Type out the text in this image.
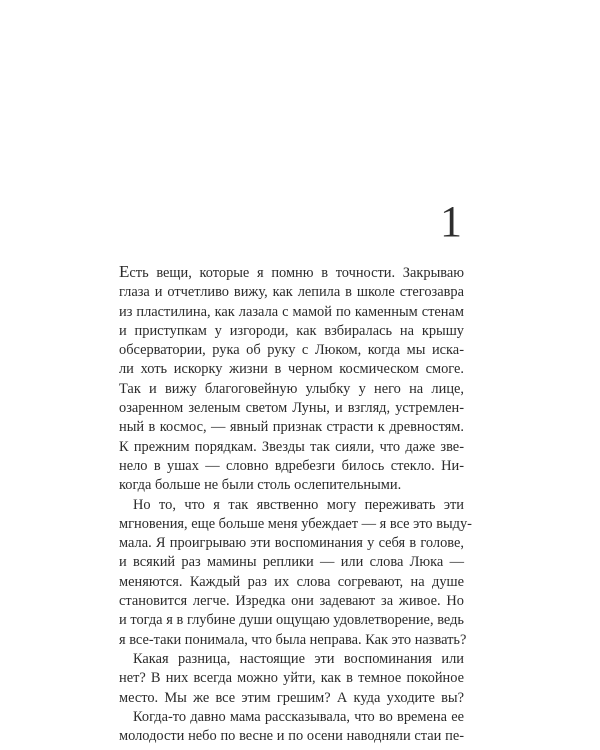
1
Есть вещи, которые я помню в точности. Закрываю
глаза и отчетливо вижу, как лепила в школе стегозавра
из пластилина, как лазала с мамой по каменным стенам
и приступкам у изгороди, как взбиралась на крышу
обсерватории, рука об руку с Люком, когда мы иска-
ли хоть искорку жизни в черном космическом смоге.
Так и вижу благоговейную улыбку у него на лице,
озаренном зеленым светом Луны, и взгляд, устремлен-
ный в космос, — явный признак страсти к древностям.
К прежним порядкам. Звезды так сияли, что даже зве-
нело в ушах — словно вдребезги билось стекло. Ни-
когда больше не были столь ослепительными.
Но то, что я так явственно могу переживать эти
мгновения, еще больше меня убеждает — я все это выду-
мала. Я проигрываю эти воспоминания у себя в голове,
и всякий раз мамины реплики — или слова Люка —
меняются. Каждый раз их слова согревают, на душе
становится легче. Изредка они задевают за живое. Но
и тогда я в глубине души ощущаю удовлетворение, ведь
я все-таки понимала, что была неправа. Как это назвать?
Какая разница, настоящие эти воспоминания или
нет? В них всегда можно уйти, как в темное покойное
место. Мы же все этим грешим? А куда уходите вы?
Когда-то давно мама рассказывала, что во времена ее
молодости небо по весне и по осени наводняли стаи пе-
